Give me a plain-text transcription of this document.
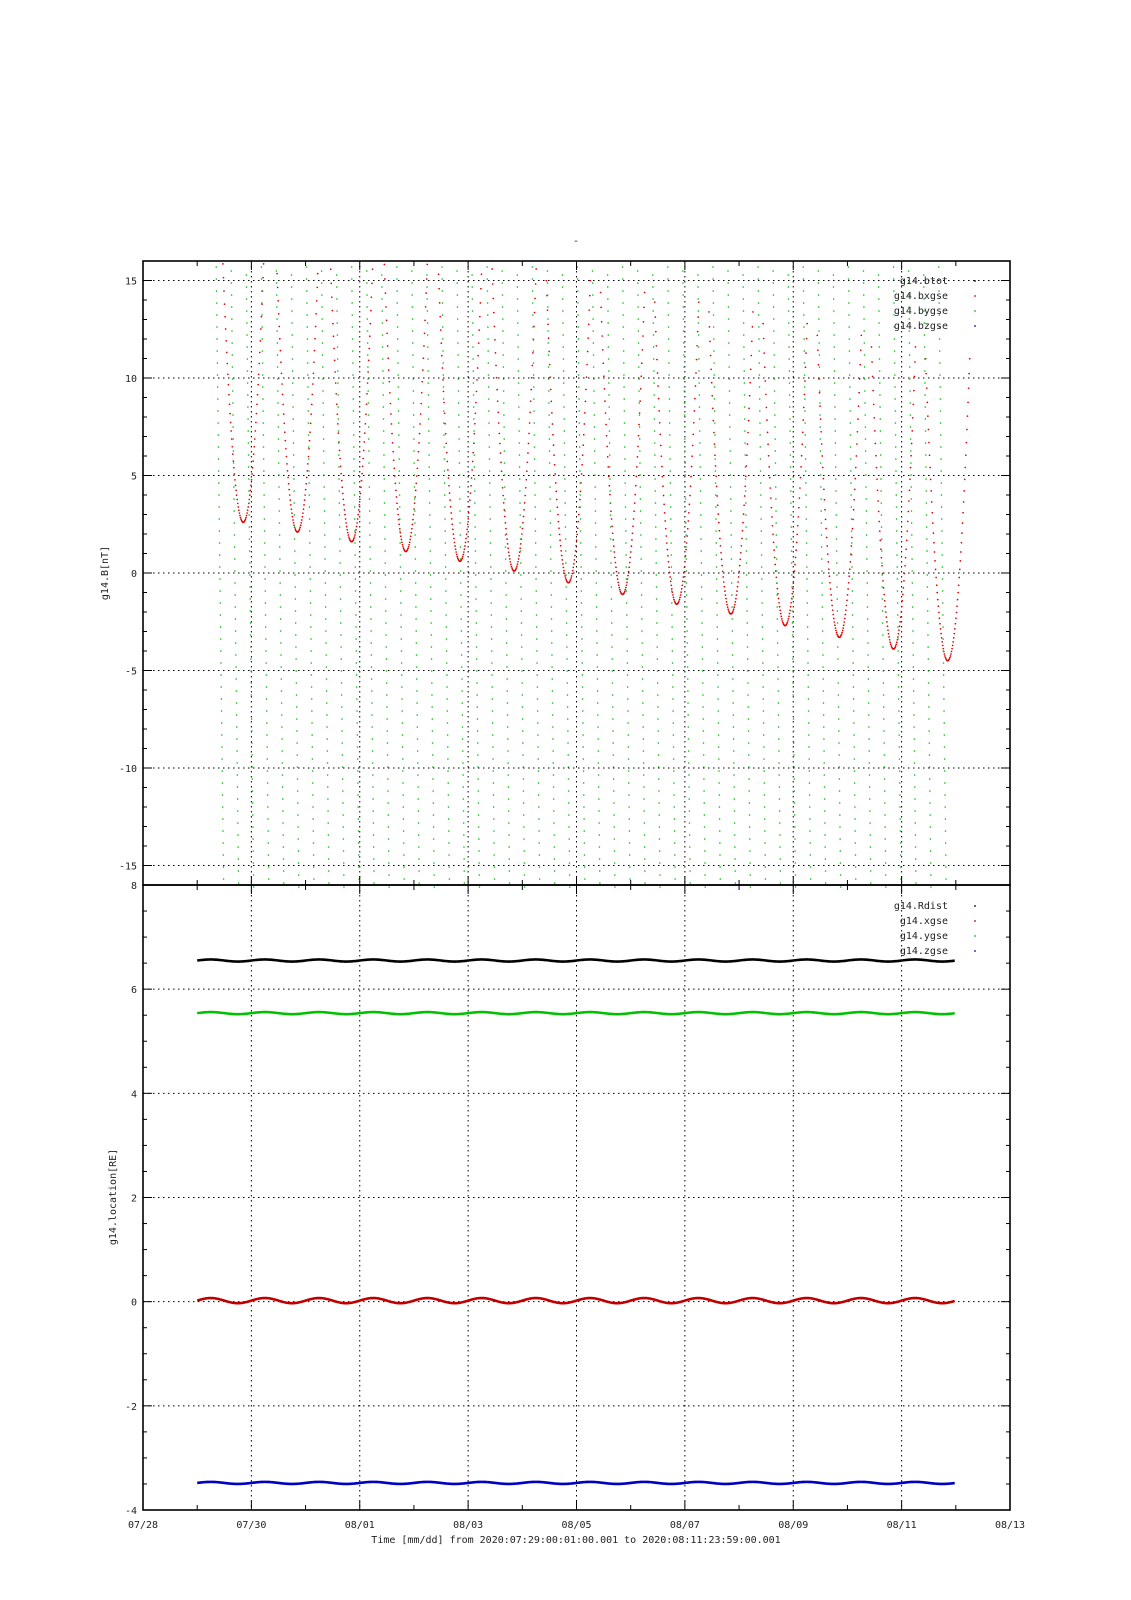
-
15
10
5
0
-5
-10
-15
g14.B[nT]
g14.btot
g14.bxgse
g14.bygse
g14.bzgse
8
6
4
2
0
-2
-4
07/28	07/30	08/01	08/03	08/05	08/07	08/09	08/11	08/13
g14.location[RE]
Time [mm/dd] from 2020:07:29:00:01:00.001 to 2020:08:11:23:59:00.001
g14.Rdist
g14.xgse
g14.ygse
g14.zgse
